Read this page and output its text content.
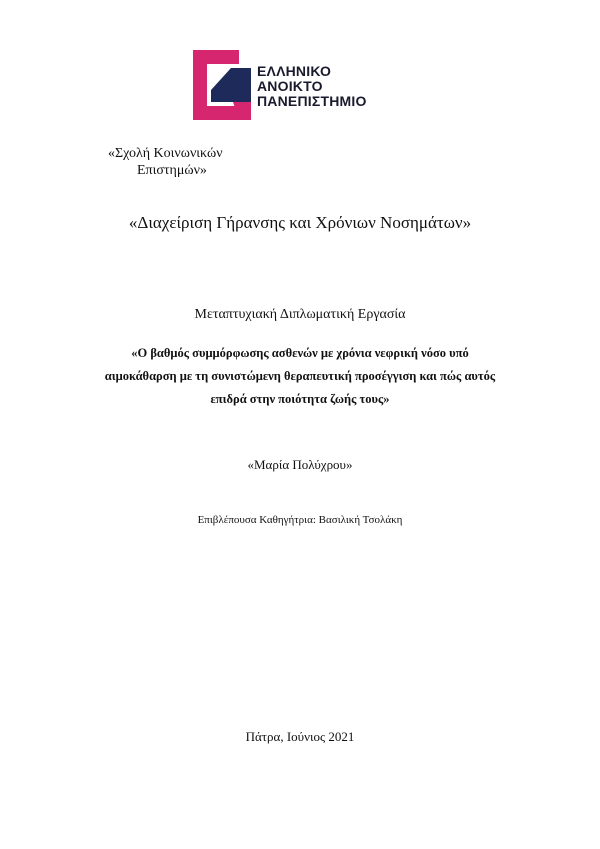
ΕΛΛΗΝΙΚΟ
ΑΝΟΙΚΤΟ
ΠΑΝΕΠΙΣΤΗΜΙΟ
«Σχολή Κοινωνικών
Επιστημών»
«Διαχείριση Γήρανσης και Χρόνιων Νοσημάτων»
Μεταπτυχιακή Διπλωματική Εργασία
«Ο βαθμός συμμόρφωσης ασθενών με χρόνια νεφρική νόσο υπό
αιμοκάθαρση με τη συνιστώμενη θεραπευτική προσέγγιση και πώς αυτός
επιδρά στην ποιότητα ζωής τους»
«Μαρία Πολύχρου»
Επιβλέπουσα Καθηγήτρια: Βασιλική Τσολάκη
Πάτρα, Ιούνιος 2021
